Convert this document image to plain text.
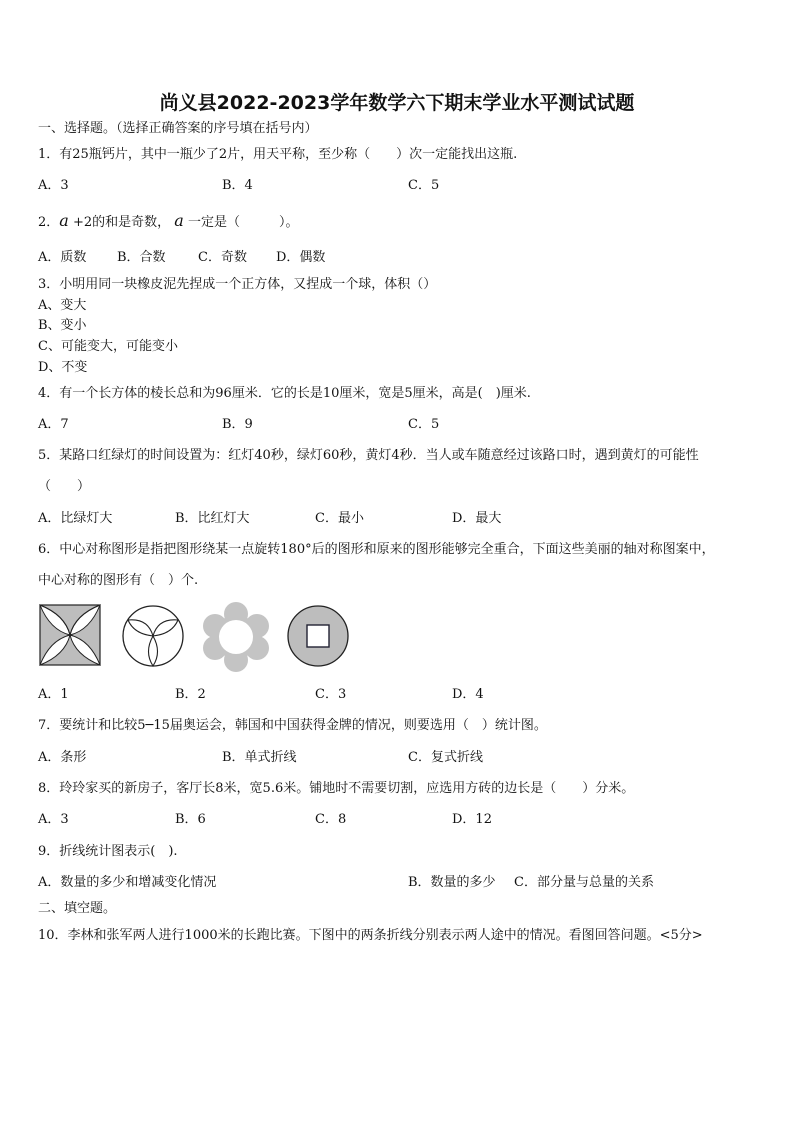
尚义县2022-2023学年数学六下期末学业水平测试试题
一、选择题。（选择正确答案的序号填在括号内）
1．有25瓶钙片，其中一瓶少了2片，用天平称，至少称（　　）次一定能找出这瓶.
A．3	B．4	C．5
2．a +2的和是奇数， a 一定是（　　　）。
A．质数 B．合数 C．奇数 D．偶数
3．小明用同一块橡皮泥先捏成一个正方体，又捏成一个球，体积（）
A、变大
B、变小
C、可能变大，可能变小
D、不变
4．有一个长方体的棱长总和为96厘米．它的长是10厘米，宽是5厘米，高是(　)厘米.
A．7	B．9	C．5
5．某路口红绿灯的时间设置为：红灯40秒，绿灯60秒，黄灯4秒．当人或车随意经过该路口时，遇到黄灯的可能性
（　　）
A．比绿灯大	B．比红灯大	C．最小	D．最大
6．中心对称图形是指把图形绕某一点旋转180°后的图形和原来的图形能够完全重合，下面这些美丽的轴对称图案中，
中心对称的图形有（　）个.
A．1	B．2	C．3	D．4
7．要统计和比较5─15届奥运会，韩国和中国获得金牌的情况，则要选用（　）统计图。
A．条形	B．单式折线	C．复式折线
8．玲玲家买的新房子，客厅长8米，宽5.6米。铺地时不需要切割，应选用方砖的边长是（　　）分米。
A．3	B．6	C．8	D．12
9．折线统计图表示(　).
A．数量的多少和增减变化情况	B．数量的多少 C．部分量与总量的关系
二、填空题。
10．李林和张军两人进行1000米的长跑比赛。下图中的两条折线分别表示两人途中的情况。看图回答问题。<5分>
